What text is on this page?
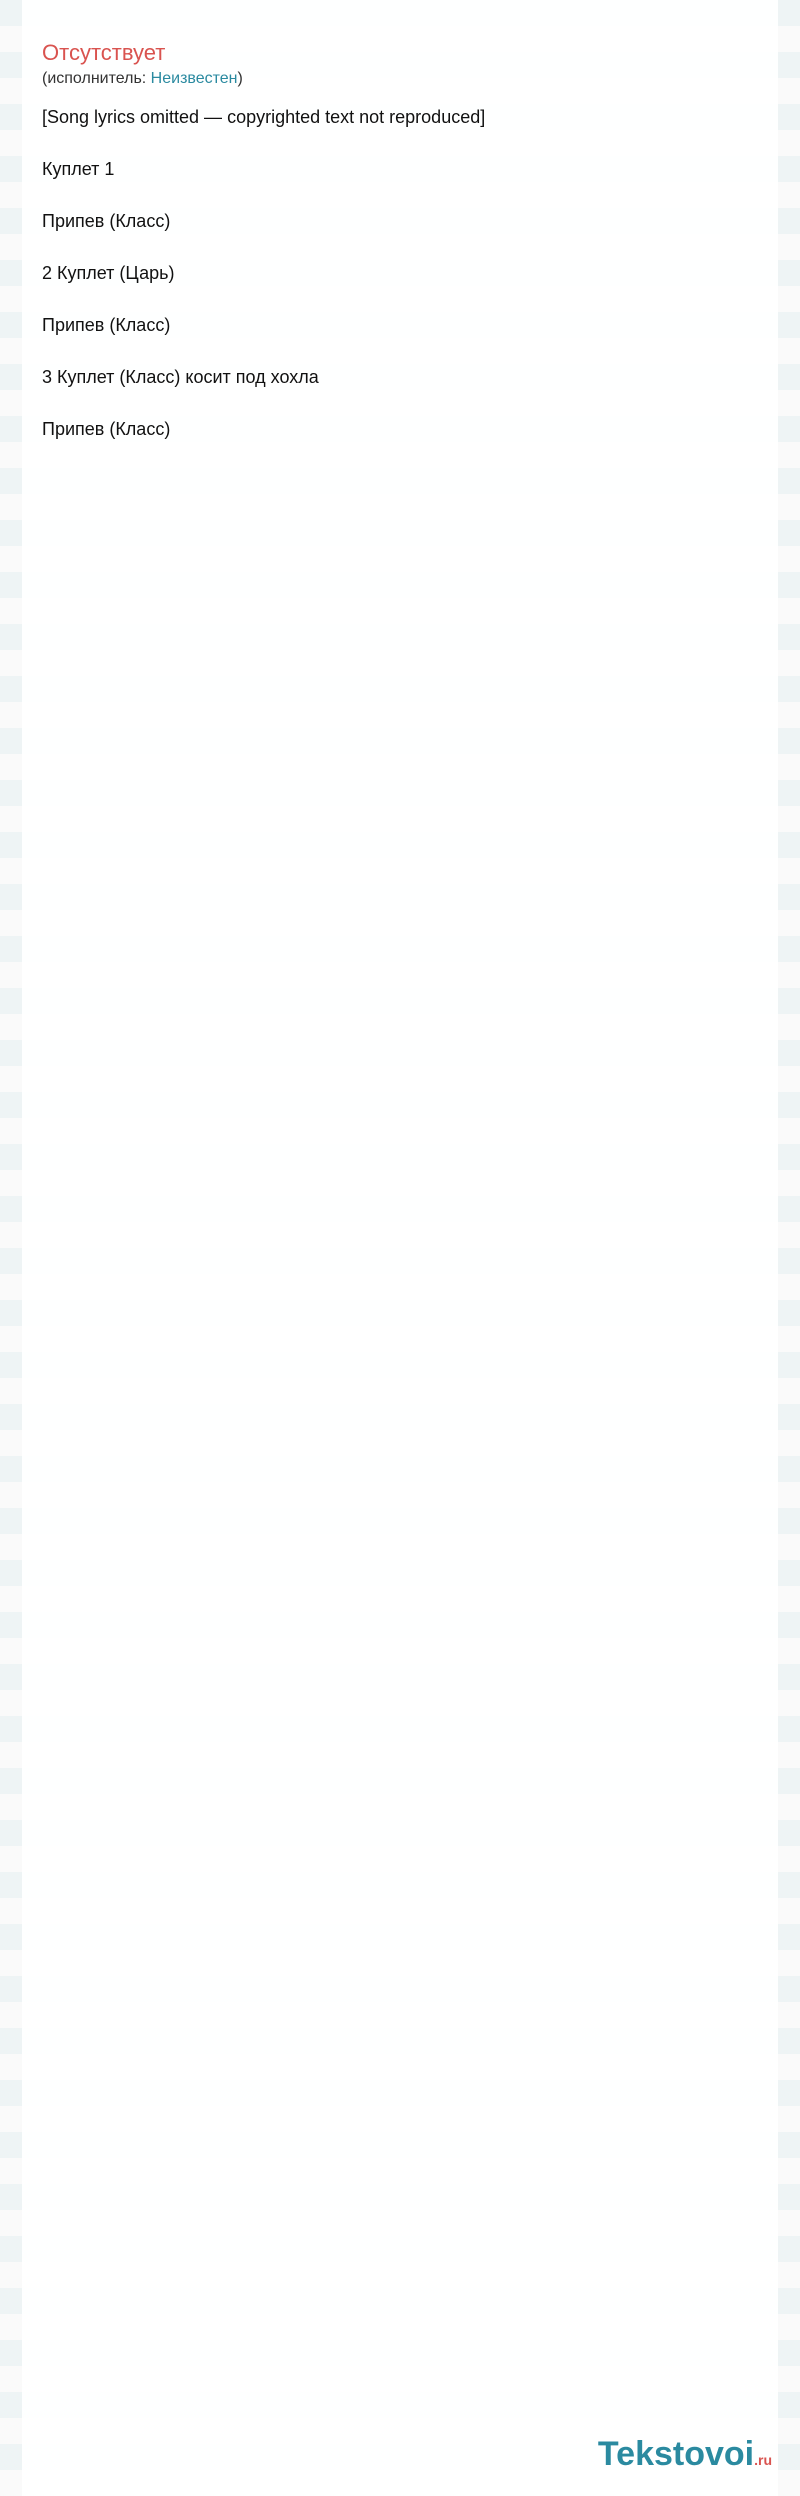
Отсутствует
(исполнитель: Неизвестен)
[Song lyrics omitted — copyrighted text not reproduced]
Куплет 1
Припев (Класс)
2 Куплет (Царь)
Припев (Класс)
3 Куплет (Класс) косит под хохла
Припев (Класс)
Tekstovoi.ru
